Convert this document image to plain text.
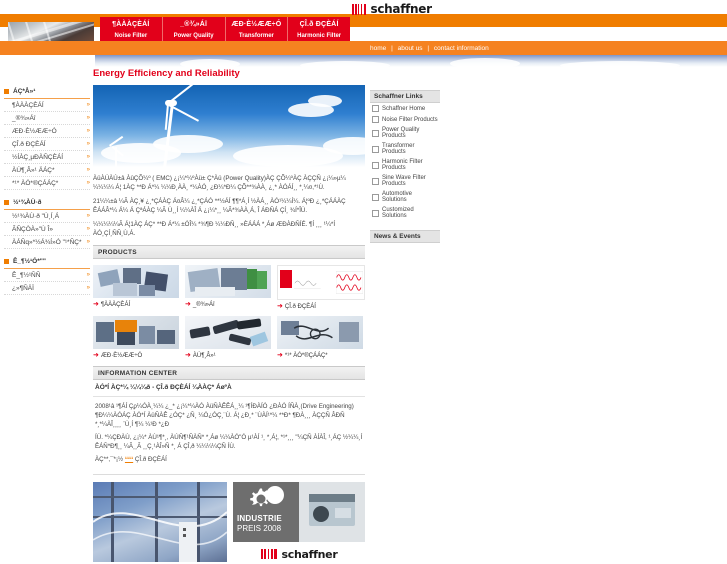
¶ÀÀÀÇÈÁÍ
Noise Filter
_®¾»Áî
Power Quality
ÆÐ·È½ÆÆ÷Ó
Transformer
ÇÎ.ð ÐÇÈÁÍ
Harmonic Filter
schaffner
home | about us | contact information
ÁÇ*Å»¹
¶ÀÀÀÇÈÁÍ	»
_®¾»Áî	»
ÆÐ·È½ÆÆ÷Ó	»
ÇÎ.ð ÐÇÈÁÍ	»
½ÍÀÇ¸µÐÀÑÇÈÁÍ	»
ÀÚ¶¸Â»¹ ÄÁÇ*	»
*¹* ÀÓ*®ÇÁÁÇ*	»
½¹¾ÀÙ·ð
½¹¾ÀÙ·ð "Ù¸Í¸Á	»
ÃÑÇÒÀ»"Ù Î»	»
ÀÁÑq»*½Á¾Í»Ó "¹*ÑÇ* »
Ê_¶½¹Ó*""
Ê_¶½¹ÑÑ	»
¿»¶ÑÄÏ	»
Energy Efficiency and Reliability

ÀüÀÚÀÚ±â ÀûÇÕ¼º ( EMC) ¿¡¼*¼ºÀü± Ç*Àü (Power Quality)ÀÇ ÇÕ¼ºÀÇ ÀÇÇÑ ¿¡¼»µ¼ ¼¼¼¼ Á¦ 1ÀÇ **Ð Á*¼ ¼¼Ð¸ÀÀ¸ *¼ÀÓ¸ ¿Ð¼*Ð¼ ÇÕ**¾ÀÀ¸ ¿¸* ÀÓÁÍ¸¸ *¸¼¤,*¹Ù.

21¼¼±â ¼Ã ÀÇ¸¥ ¿¸*ÇÁÀÇ Á¤Â¼ ¿¸*ÇÁÓ **½ÁÍ ¶¶*Á¸Í ½ÀÁ¸¸ ÀÓ¹¼¼Í¼. Á¦ºÐ ¿¸*ÇÁÁÀÇ ÊÁÁÂ*¼ Á¼ Á ÇªÁÀÇ ¼Ã Ù¸¸Í ¼¼ÀÎ Á ¿¡¼*¸¸ ¼Ã*¾ÀÀ¸Á, Î ÁÐÑÁ ÇÍ¸ ¾Í*ÎÙ.

¼¼¼¼¼Ã Á¦1ÀÇ ÁÇ* **Ð Á*¼ ±ÓÎ¼ *¾¶Ð ¼¼ÐÑ¸¸ »ÈÁÁÁ *¸Áø ÆÐÀÐÑÍÉ. ¶Í ¸¸¸ ¹¼*Í ÀÓ¸ÇÍ¸ÑÑ¸Ù,Á.

PRODUCTS
➜ ¶ÀÀÀÇÈÁÍ	➜ _®¾»Áî	➜ ÇÎ.ð ÐÇÈÁÍ
➜ ÆÐ·È½ÆÆ÷Ó	➜ ÀÚ¶¸Â»¹	➜ *¹* ÀÓ*®ÇÁÁÇ*
INFORMATION CENTER
ÀÓ*Í ÀÇ*¼ ¼¼¼ð - ÇÎ.ð ÐÇÈÁÍ ¼ÀÀÇ* ÁøºÀ

2008¹â ¹¶ÁÍ Çϼ¼ÓÀ¸¼¼ ¿_* ¿¡¼*¼ÀÓ ÀüÑÀÊÊÁ¸¸¼ ¹¶ÍÐÀÍÓ ¿ÐÀÓ ÍÑÀ¸(Drive Engineering) ¶Ð¼¼ÀÓÁÇ ÀÓ*Í ÀüÑÀÊ ¿ÓÇ* ¿Ñ¸ ¼Ó¿ÓÇ¸¨Ù. Á¦ ¿Ð¸* ¨ÙÀÍ¹*¼ **Ð* ¶ÐÀ¸¸¸ ÀÇÇÑ ÂÐÑ *¸*¼ÀÎ¸¸¸¸ ¨Ù¸Í ¶¼ ¼¹Ð *¿Ð

ÍÙ. *¼ÇÐÀÙ, ¿¡¼* ÀÙ¹¶*¸, ÀÚÑ¶¹ÑÀÑ* *¸Áø ¼¼ÀÓ"Ó µ¹ÀÍ ¹¸ *¸Á¦, *¹*¸¸¸ "¼ÇÑ ÀÍÀÎ, ¹¸ÁÇ ½¼¼¸Í ÊÁÑ*Ð¶¸¸ ¼Ã¸¸Ã ¸¸Ç¸¹ÀÎ»Ñ *¸ Á ÇÎ,ð ¼¼¼¼ÇÑ ÍÙ.

ÀÇ**,¯*¡½ ¹¹¹¹ ÇÎ.ð ÐÇÈÁÍ

INDUSTRIE
PREIS 2008
schaffner
Schaffner Links
Schaffner Home
Noise Filter Products
Power Quality Products
Transformer Products
Harmonic Filter Products
Sine Wave Filter Products
Automotive Solutions
Customized Solutions
News & Events
